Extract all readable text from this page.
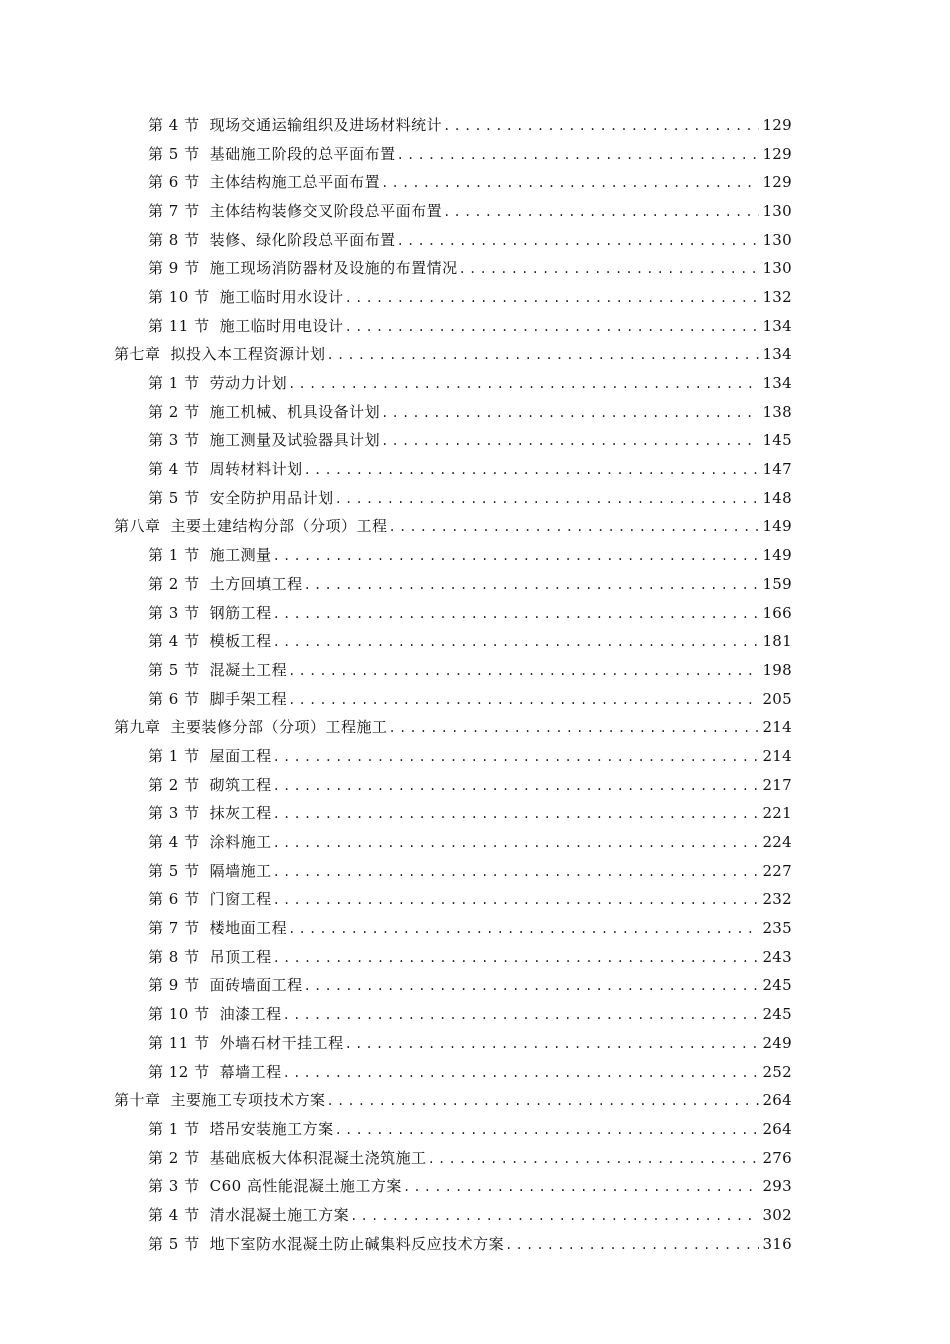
第 4 节 现场交通运输组织及进场材料统计 .....	129
第 5 节 基础施工阶段的总平面布置 .....	129
第 6 节 主体结构施工总平面布置 .....	129
第 7 节 主体结构装修交叉阶段总平面布置 .....	130
第 8 节 装修、绿化阶段总平面布置 .....	130
第 9 节 施工现场消防器材及设施的布置情况 .....	130
第 10 节 施工临时用水设计 .....	132
第 11 节 施工临时用电设计 .....	134
第七章 拟投入本工程资源计划 .....	134
第 1 节 劳动力计划 .....	134
第 2 节 施工机械、机具设备计划 .....	138
第 3 节 施工测量及试验器具计划 .....	145
第 4 节 周转材料计划 .....	147
第 5 节 安全防护用品计划 .....	148
第八章 主要土建结构分部（分项）工程 .....	149
第 1 节 施工测量 .....	149
第 2 节 土方回填工程 .....	159
第 3 节 钢筋工程 .....	166
第 4 节 模板工程 .....	181
第 5 节 混凝土工程 .....	198
第 6 节 脚手架工程 .....	205
第九章 主要装修分部（分项）工程施工 .....	214
第 1 节 屋面工程 .....	214
第 2 节 砌筑工程 .....	217
第 3 节 抹灰工程 .....	221
第 4 节 涂料施工 .....	224
第 5 节 隔墙施工 .....	227
第 6 节 门窗工程 .....	232
第 7 节 楼地面工程 .....	235
第 8 节 吊顶工程 .....	243
第 9 节 面砖墙面工程 .....	245
第 10 节 油漆工程 .....	245
第 11 节 外墙石材干挂工程 .....	249
第 12 节 幕墙工程 .....	252
第十章 主要施工专项技术方案 .....	264
第 1 节 塔吊安装施工方案 .....	264
第 2 节 基础底板大体积混凝土浇筑施工 .....	276
第 3 节 C60 高性能混凝土施工方案 .....	293
第 4 节 清水混凝土施工方案 .....	302
第 5 节 地下室防水混凝土防止碱集料反应技术方案 .....	316
